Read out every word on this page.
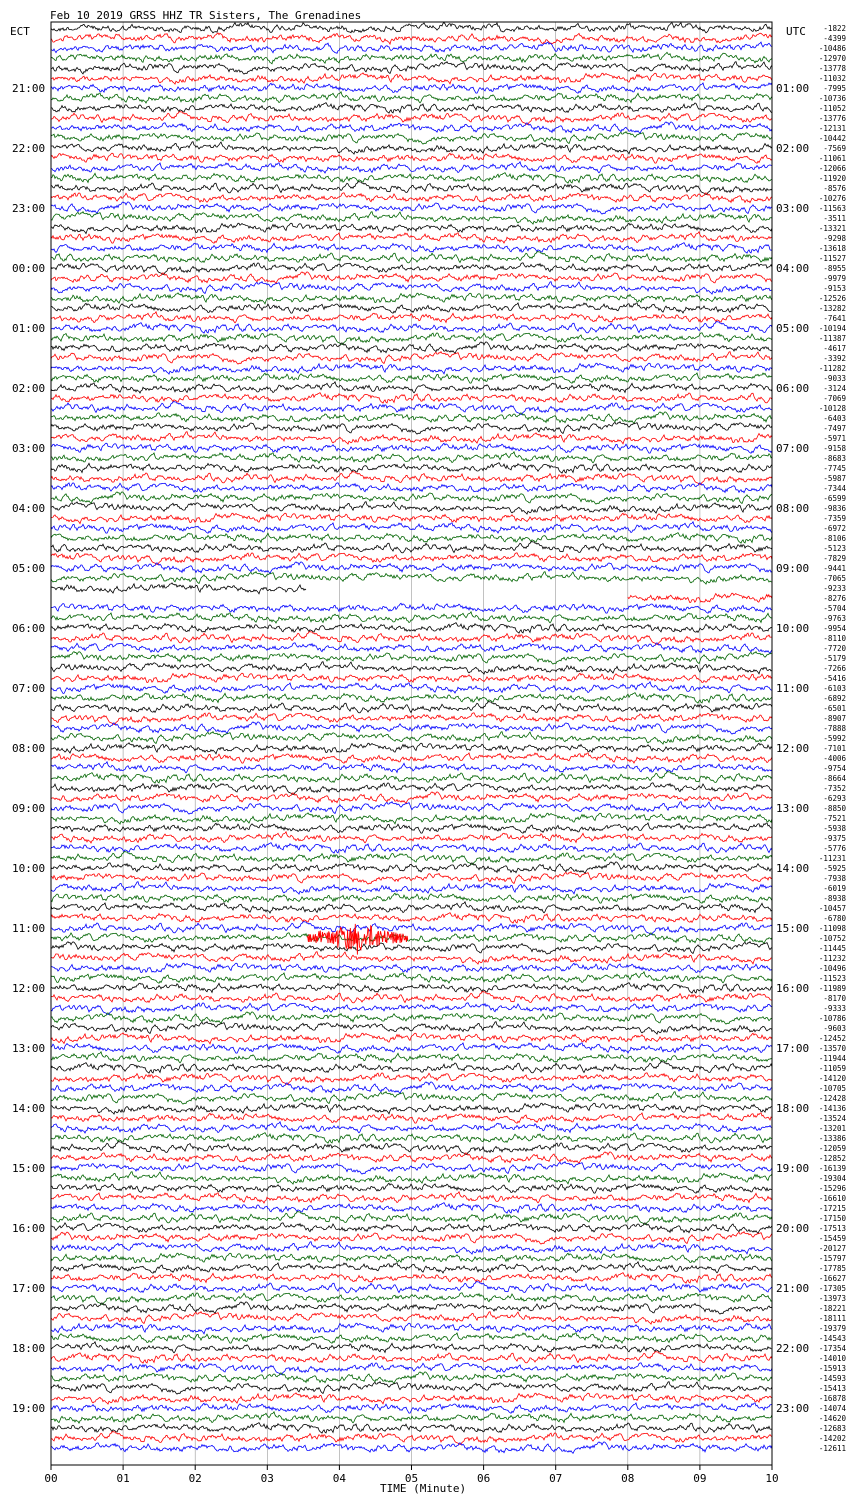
Feb 10 2019 GRSS HHZ TR Sisters, The Grenadines
ECT	UTC
TIME (Minute)
00	01	02	03	04	05	06	07	08	09	10
21:00
22:00
23:00
00:00
01:00
02:00
03:00
04:00
05:00
06:00
07:00
08:00
09:00
10:00
11:00
12:00
13:00
14:00
15:00
16:00
17:00
18:00
19:00
01:00
02:00
03:00
04:00
05:00
06:00
07:00
08:00
09:00
10:00
11:00
12:00
13:00
14:00
15:00
16:00
17:00
18:00
19:00
20:00
21:00
22:00
23:00
-1822
-4399
-10486
-12970
-13778
-11032
-7995
-10736
-11052
-13776
-12131
-10442
-7569
-11061
-12066
-11920
-8576
-10276
-11563
-3511
-13321
-9298
-13618
-11527
-8955
-9979
-9153
-12526
-13282
-7641
-10194
-11387
-4617
-3392
-11282
-9033
-3124
-7069
-10128
-6403
-7497
-5971
-9158
-8683
-7745
-5987
-7344
-6599
-9836
-7359
-6972
-8106
-5123
-7829
-9441
-7065
-9233
-8276
-5704
-9763
-9954
-8110
-7720
-5179
-7266
-5416
-6103
-6892
-6501
-8907
-7888
-5992
-7101
-4006
-9754
-8664
-7352
-6293
-8850
-7521
-5938
-9375
-5776
-11231
-5925
-7938
-6019
-8938
-10457
-6780
-11098
-10752
-11445
-11232
-10496
-11523
-11989
-8170
-9333
-10786
-9603
-12452
-13570
-11944
-11059
-14120
-10705
-12428
-14136
-13524
-13201
-13386
-12059
-12852
-16139
-19304
-15296
-16610
-17215
-17150
-17513
-15459
-20127
-15797
-17785
-16627
-17305
-13973
-18221
-18111
-19379
-14543
-17354
-14010
-15913
-14593
-15413
-16878
-14074
-14620
-12683
-14202
-12611
